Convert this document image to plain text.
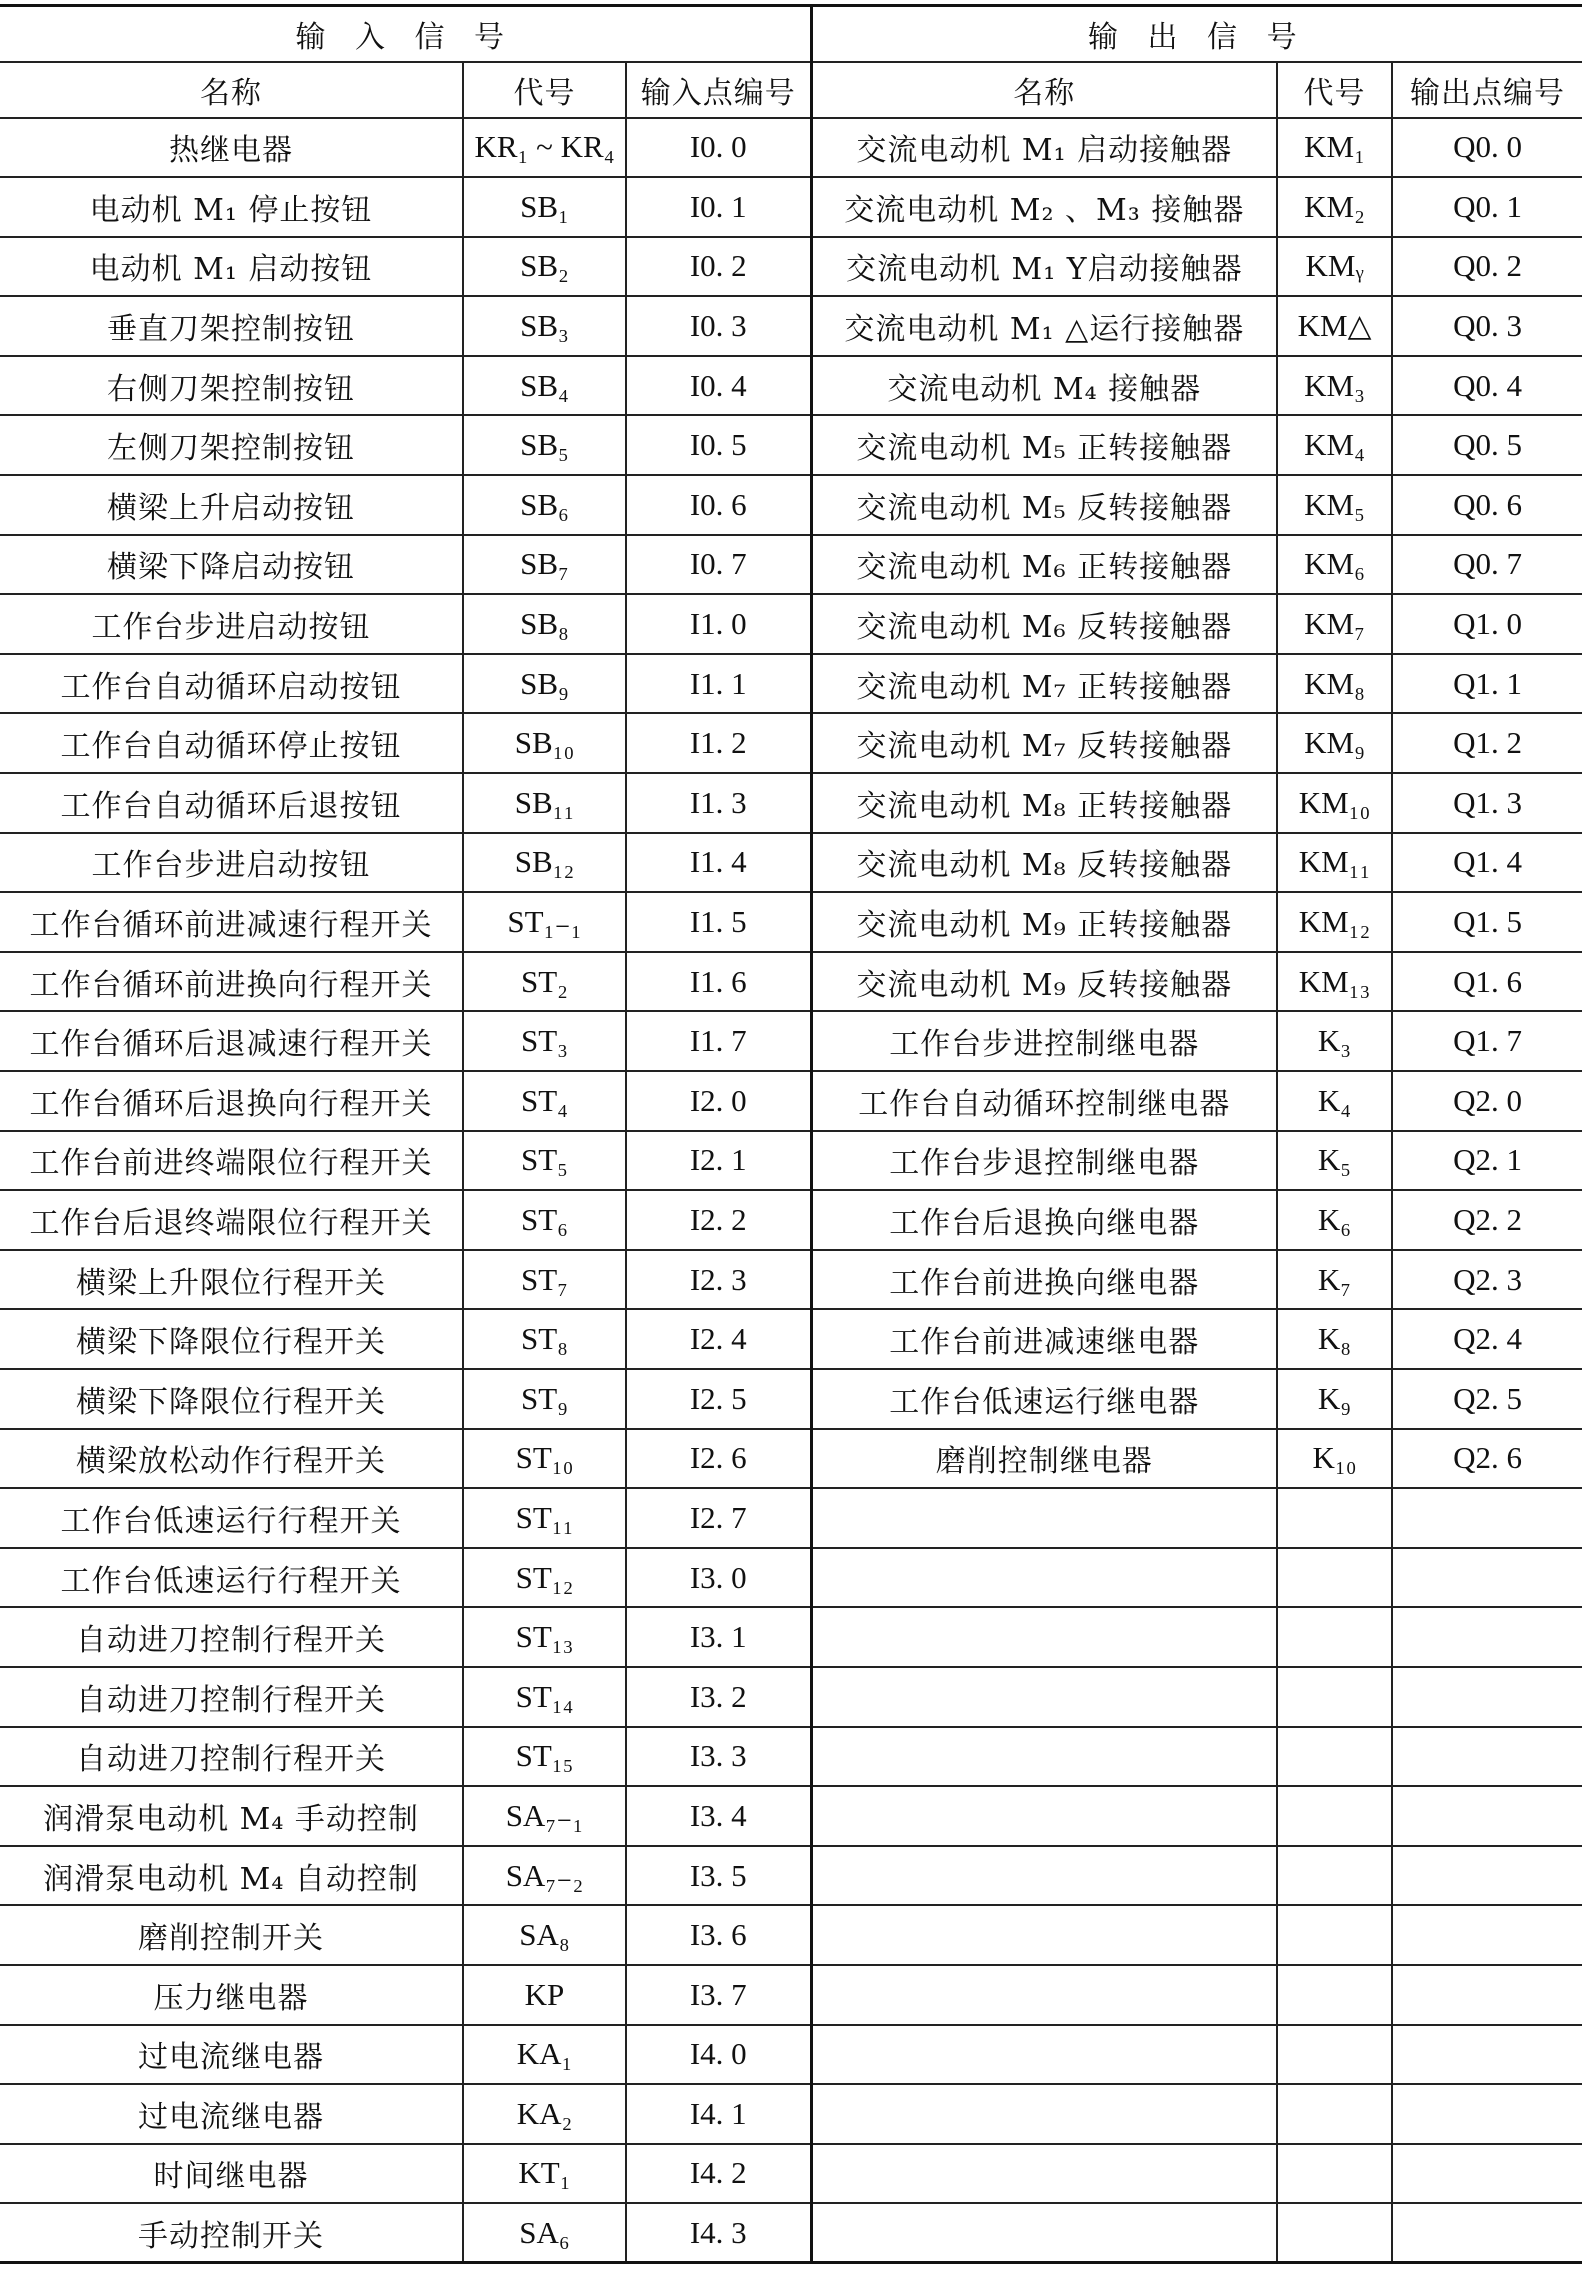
输 入 信 号			输 出 信 号		
名称	代号	输入点编号	名称	代号	输出点编号
热继电器	KR₁ ~ KR₄	I0. 0	交流电动机 M₁ 启动接触器	KM₁	Q0. 0
电动机 M₁ 停止按钮	SB₁	I0. 1	交流电动机 M₂ 、M₃ 接触器	KM₂	Q0. 1
电动机 M₁ 启动按钮	SB₂	I0. 2	交流电动机 M₁ Y启动接触器	KMᵧ	Q0. 2
垂直刀架控制按钮	SB₃	I0. 3	交流电动机 M₁ △运行接触器	KM△	Q0. 3
右侧刀架控制按钮	SB₄	I0. 4	交流电动机 M₄ 接触器	KM₃	Q0. 4
左侧刀架控制按钮	SB₅	I0. 5	交流电动机 M₅ 正转接触器	KM₄	Q0. 5
横梁上升启动按钮	SB₆	I0. 6	交流电动机 M₅ 反转接触器	KM₅	Q0. 6
横梁下降启动按钮	SB₇	I0. 7	交流电动机 M₆ 正转接触器	KM₆	Q0. 7
工作台步进启动按钮	SB₈	I1. 0	交流电动机 M₆ 反转接触器	KM₇	Q1. 0
工作台自动循环启动按钮	SB₉	I1. 1	交流电动机 M₇ 正转接触器	KM₈	Q1. 1
工作台自动循环停止按钮	SB₁₀	I1. 2	交流电动机 M₇ 反转接触器	KM₉	Q1. 2
工作台自动循环后退按钮	SB₁₁	I1. 3	交流电动机 M₈ 正转接触器	KM₁₀	Q1. 3
工作台步进启动按钮	SB₁₂	I1. 4	交流电动机 M₈ 反转接触器	KM₁₁	Q1. 4
工作台循环前进减速行程开关	ST₁₋₁	I1. 5	交流电动机 M₉ 正转接触器	KM₁₂	Q1. 5
工作台循环前进换向行程开关	ST₂	I1. 6	交流电动机 M₉ 反转接触器	KM₁₃	Q1. 6
工作台循环后退减速行程开关	ST₃	I1. 7	工作台步进控制继电器	K₃	Q1. 7
工作台循环后退换向行程开关	ST₄	I2. 0	工作台自动循环控制继电器	K₄	Q2. 0
工作台前进终端限位行程开关	ST₅	I2. 1	工作台步退控制继电器	K₅	Q2. 1
工作台后退终端限位行程开关	ST₆	I2. 2	工作台后退换向继电器	K₆	Q2. 2
横梁上升限位行程开关	ST₇	I2. 3	工作台前进换向继电器	K₇	Q2. 3
横梁下降限位行程开关	ST₈	I2. 4	工作台前进减速继电器	K₈	Q2. 4
横梁下降限位行程开关	ST₉	I2. 5	工作台低速运行继电器	K₉	Q2. 5
横梁放松动作行程开关	ST₁₀	I2. 6	磨削控制继电器	K₁₀	Q2. 6
工作台低速运行行程开关	ST₁₁	I2. 7			
工作台低速运行行程开关	ST₁₂	I3. 0			
自动进刀控制行程开关	ST₁₃	I3. 1			
自动进刀控制行程开关	ST₁₄	I3. 2			
自动进刀控制行程开关	ST₁₅	I3. 3			
润滑泵电动机 M₄ 手动控制	SA₇₋₁	I3. 4			
润滑泵电动机 M₄ 自动控制	SA₇₋₂	I3. 5			
磨削控制开关	SA₈	I3. 6			
压力继电器	KP	I3. 7			
过电流继电器	KA₁	I4. 0			
过电流继电器	KA₂	I4. 1			
时间继电器	KT₁	I4. 2			
手动控制开关	SA₆	I4. 3			
